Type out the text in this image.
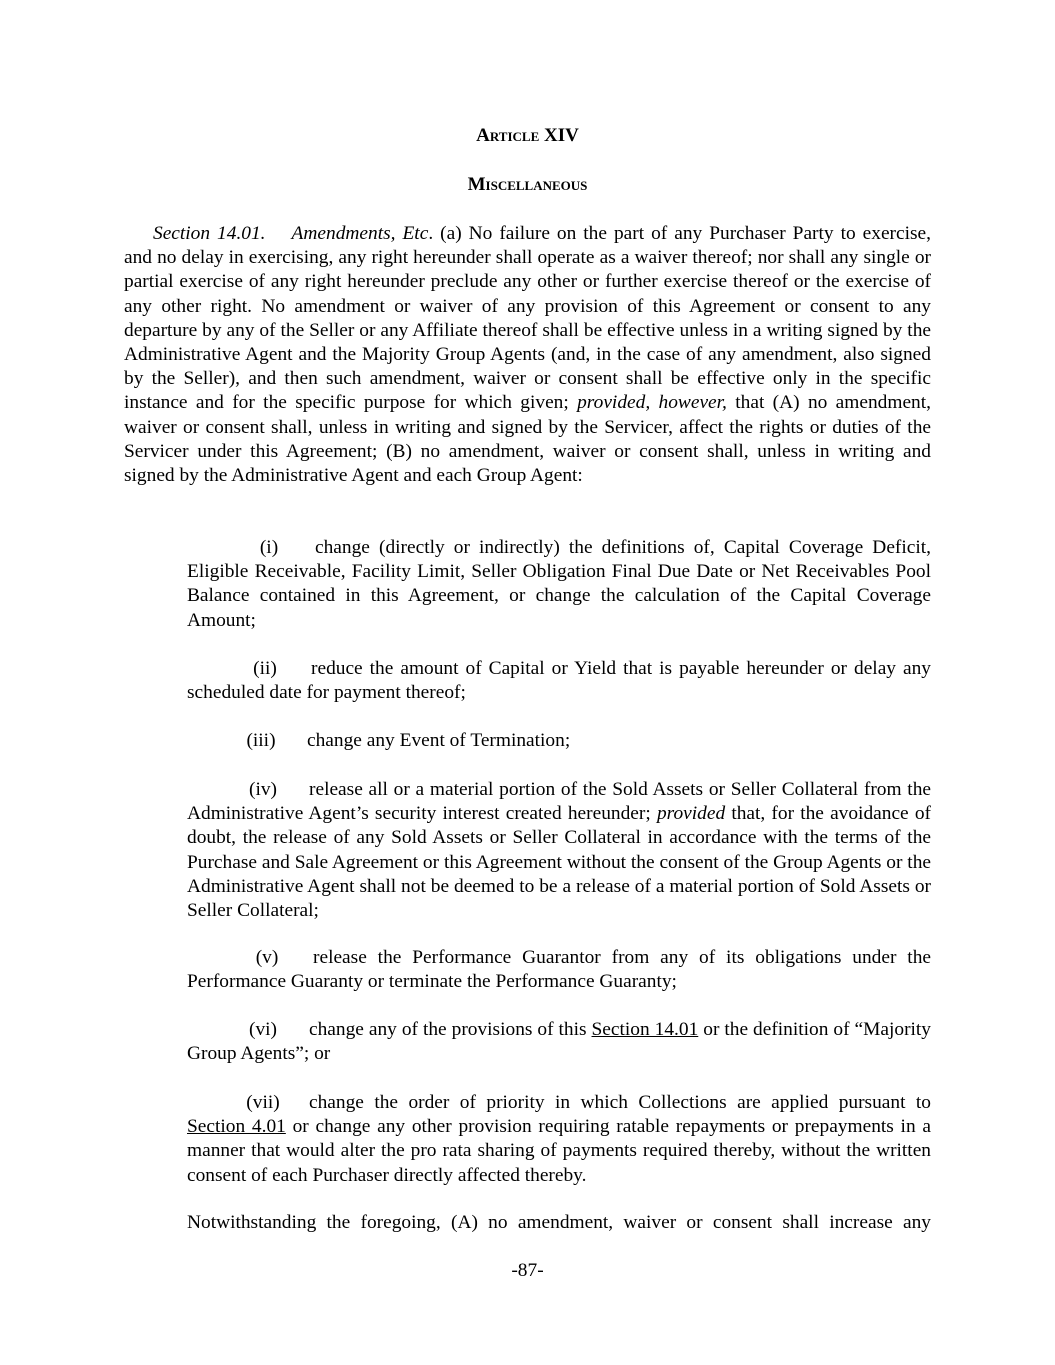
Article XIV

Miscellaneous

Section 14.01. Amendments, Etc. (a) No failure on the part of any Purchaser Party to exercise, and no delay in exercising, any right hereunder shall operate as a waiver thereof; nor shall any single or partial exercise of any right hereunder preclude any other or further exercise thereof or the exercise of any other right. No amendment or waiver of any provision of this Agreement or consent to any departure by any of the Seller or any Affiliate thereof shall be effective unless in a writing signed by the Administrative Agent and the Majority Group Agents (and, in the case of any amendment, also signed by the Seller), and then such amendment, waiver or consent shall be effective only in the specific instance and for the specific purpose for which given; provided, however, that (A) no amendment, waiver or consent shall, unless in writing and signed by the Servicer, affect the rights or duties of the Servicer under this Agreement; (B) no amendment, waiver or consent shall, unless in writing and signed by the Administrative Agent and each Group Agent:

(i) change (directly or indirectly) the definitions of, Capital Coverage Deficit, Eligible Receivable, Facility Limit, Seller Obligation Final Due Date or Net Receivables Pool Balance contained in this Agreement, or change the calculation of the Capital Coverage Amount;

(ii) reduce the amount of Capital or Yield that is payable hereunder or delay any scheduled date for payment thereof;

(iii) change any Event of Termination;

(iv) release all or a material portion of the Sold Assets or Seller Collateral from the Administrative Agent’s security interest created hereunder; provided that, for the avoidance of doubt, the release of any Sold Assets or Seller Collateral in accordance with the terms of the Purchase and Sale Agreement or this Agreement without the consent of the Group Agents or the Administrative Agent shall not be deemed to be a release of a material portion of Sold Assets or Seller Collateral;

(v) release the Performance Guarantor from any of its obligations under the Performance Guaranty or terminate the Performance Guaranty;

(vi) change any of the provisions of this Section 14.01 or the definition of “Majority Group Agents”; or

(vii) change the order of priority in which Collections are applied pursuant to Section 4.01 or change any other provision requiring ratable repayments or prepayments in a manner that would alter the pro rata sharing of payments required thereby, without the written consent of each Purchaser directly affected thereby.

Notwithstanding the foregoing, (A) no amendment, waiver or consent shall increase any

-87-
